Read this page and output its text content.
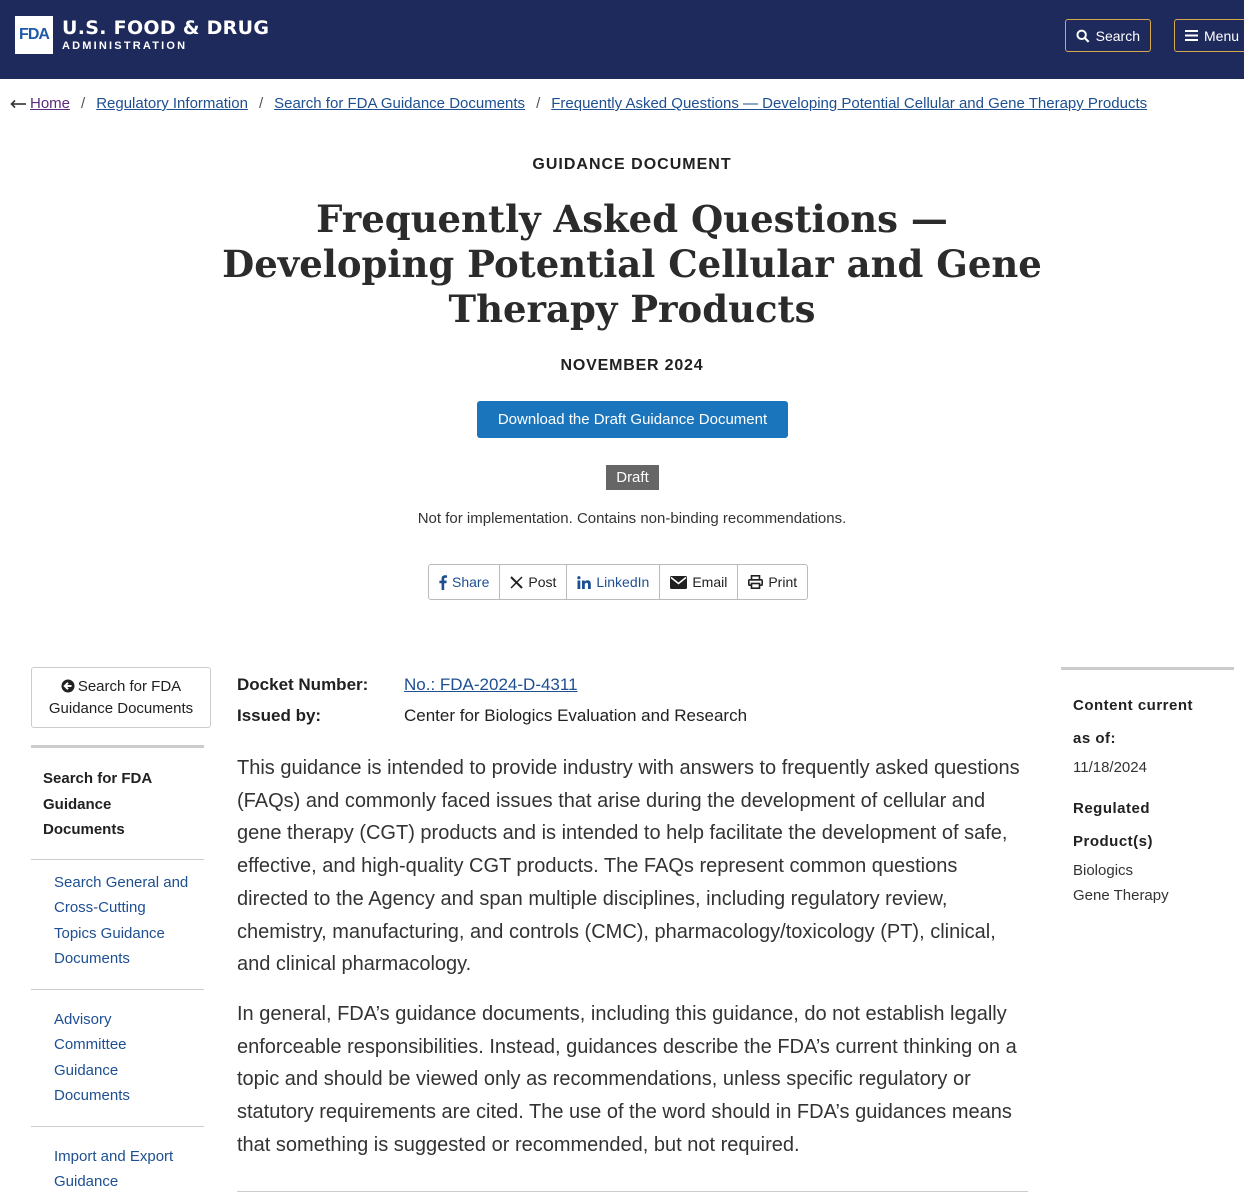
FDA U.S. FOOD & DRUG
ADMINISTRATION
Search	Menu
Home / Regulatory Information / Search for FDA Guidance Documents / Frequently Asked Questions — Developing Potential Cellular and Gene Therapy Products
GUIDANCE DOCUMENT
Frequently Asked Questions — Developing Potential Cellular and Gene Therapy Products
NOVEMBER 2024
Download the Draft Guidance Document
Draft
Not for implementation. Contains non-binding recommendations.
Share	Post	LinkedIn	Email	Print
Search for FDA Guidance Documents
Search for FDA Guidance Documents
Search General and Cross-Cutting Topics Guidance Documents
Advisory Committee Guidance Documents
Import and Export Guidance
Docket Number:	No.: FDA-2024-D-4311
Issued by:	Center for Biologics Evaluation and Research

This guidance is intended to provide industry with answers to frequently asked questions (FAQs) and commonly faced issues that arise during the development of cellular and gene therapy (CGT) products and is intended to help facilitate the development of safe, effective, and high-quality CGT products. The FAQs represent common questions directed to the Agency and span multiple disciplines, including regulatory review, chemistry, manufacturing, and controls (CMC), pharmacology/toxicology (PT), clinical, and clinical pharmacology.

In general, FDA’s guidance documents, including this guidance, do not establish legally enforceable responsibilities. Instead, guidances describe the FDA’s current thinking on a topic and should be viewed only as recommendations, unless specific regulatory or statutory requirements are cited. The use of the word should in FDA’s guidances means that something is suggested or recommended, but not required.

Content current as of:
11/18/2024
Regulated Product(s)
Biologics
Gene Therapy
